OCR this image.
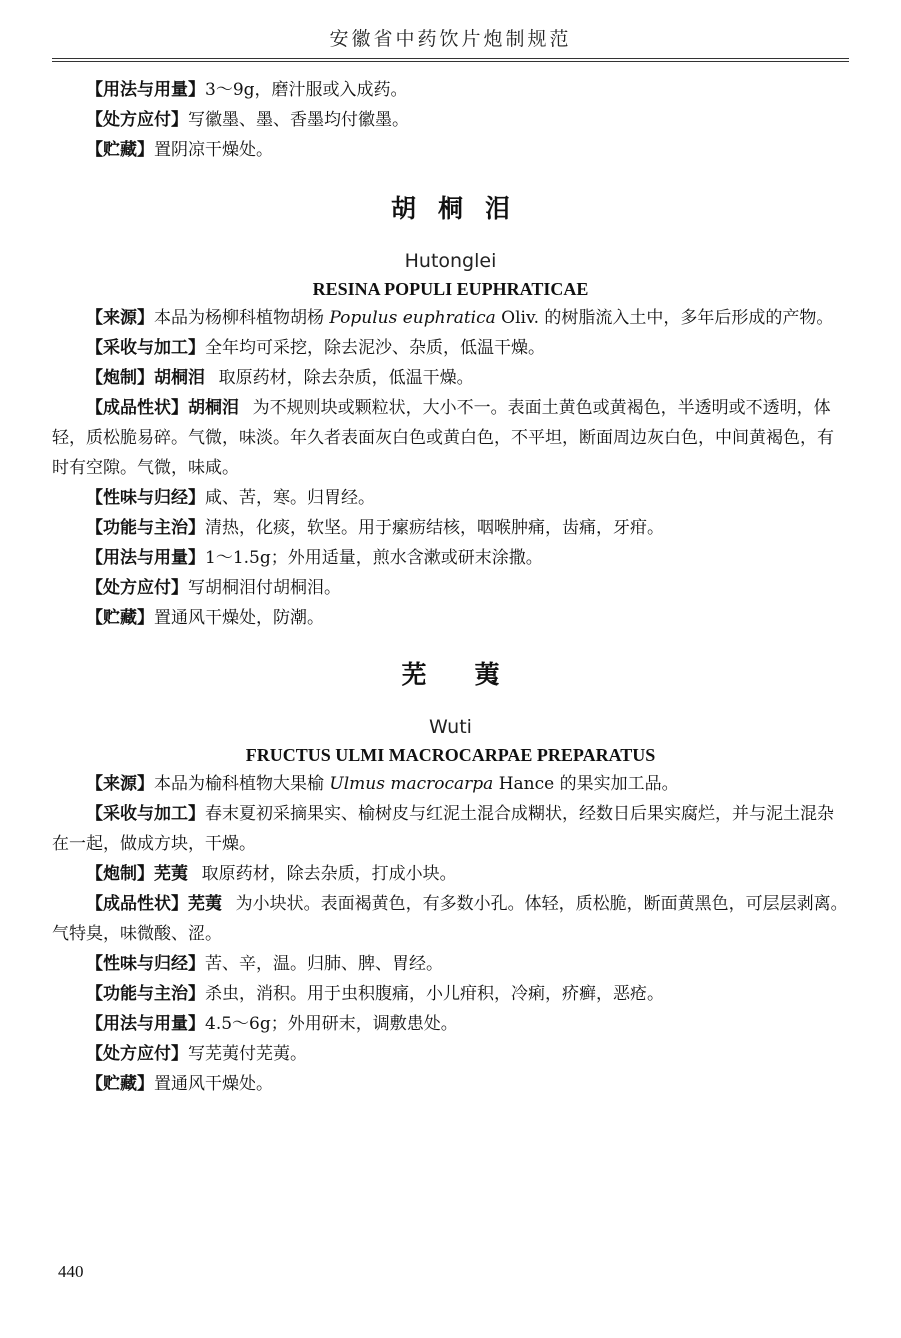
安徽省中药饮片炮制规范

【用法与用量】3～9g，磨汁服或入成药。

【处方应付】写徽墨、墨、香墨均付徽墨。

【贮藏】置阴凉干燥处。

胡桐泪
Hutonglei
RESINA POPULI EUPHRATICAE

【来源】本品为杨柳科植物胡杨 Populus euphratica Oliv. 的树脂流入土中，多年后形成的产物。

【采收与加工】全年均可采挖，除去泥沙、杂质，低温干燥。

【炮制】胡桐泪 取原药材，除去杂质，低温干燥。

【成品性状】胡桐泪 为不规则块或颗粒状，大小不一。表面土黄色或黄褐色，半透明或不透明，体轻，质松脆易碎。气微，味淡。年久者表面灰白色或黄白色，不平坦，断面周边灰白色，中间黄褐色，有时有空隙。气微，味咸。

【性味与归经】咸、苦，寒。归胃经。

【功能与主治】清热，化痰，软坚。用于瘰疬结核，咽喉肿痛，齿痛，牙疳。

【用法与用量】1～1.5g；外用适量，煎水含漱或研末涂撒。

【处方应付】写胡桐泪付胡桐泪。

【贮藏】置通风干燥处，防潮。

芜荑
Wuti
FRUCTUS ULMI MACROCARPAE PREPARATUS

【来源】本品为榆科植物大果榆 Ulmus macrocarpa Hance 的果实加工品。

【采收与加工】春末夏初采摘果实、榆树皮与红泥土混合成糊状，经数日后果实腐烂，并与泥土混杂在一起，做成方块，干燥。

【炮制】芜荑 取原药材，除去杂质，打成小块。

【成品性状】芜荑 为小块状。表面褐黄色，有多数小孔。体轻，质松脆，断面黄黑色，可层层剥离。气特臭，味微酸、涩。

【性味与归经】苦、辛，温。归肺、脾、胃经。

【功能与主治】杀虫，消积。用于虫积腹痛，小儿疳积，冷痢，疥癣，恶疮。

【用法与用量】4.5～6g；外用研末，调敷患处。

【处方应付】写芜荑付芜荑。

【贮藏】置通风干燥处。

440
